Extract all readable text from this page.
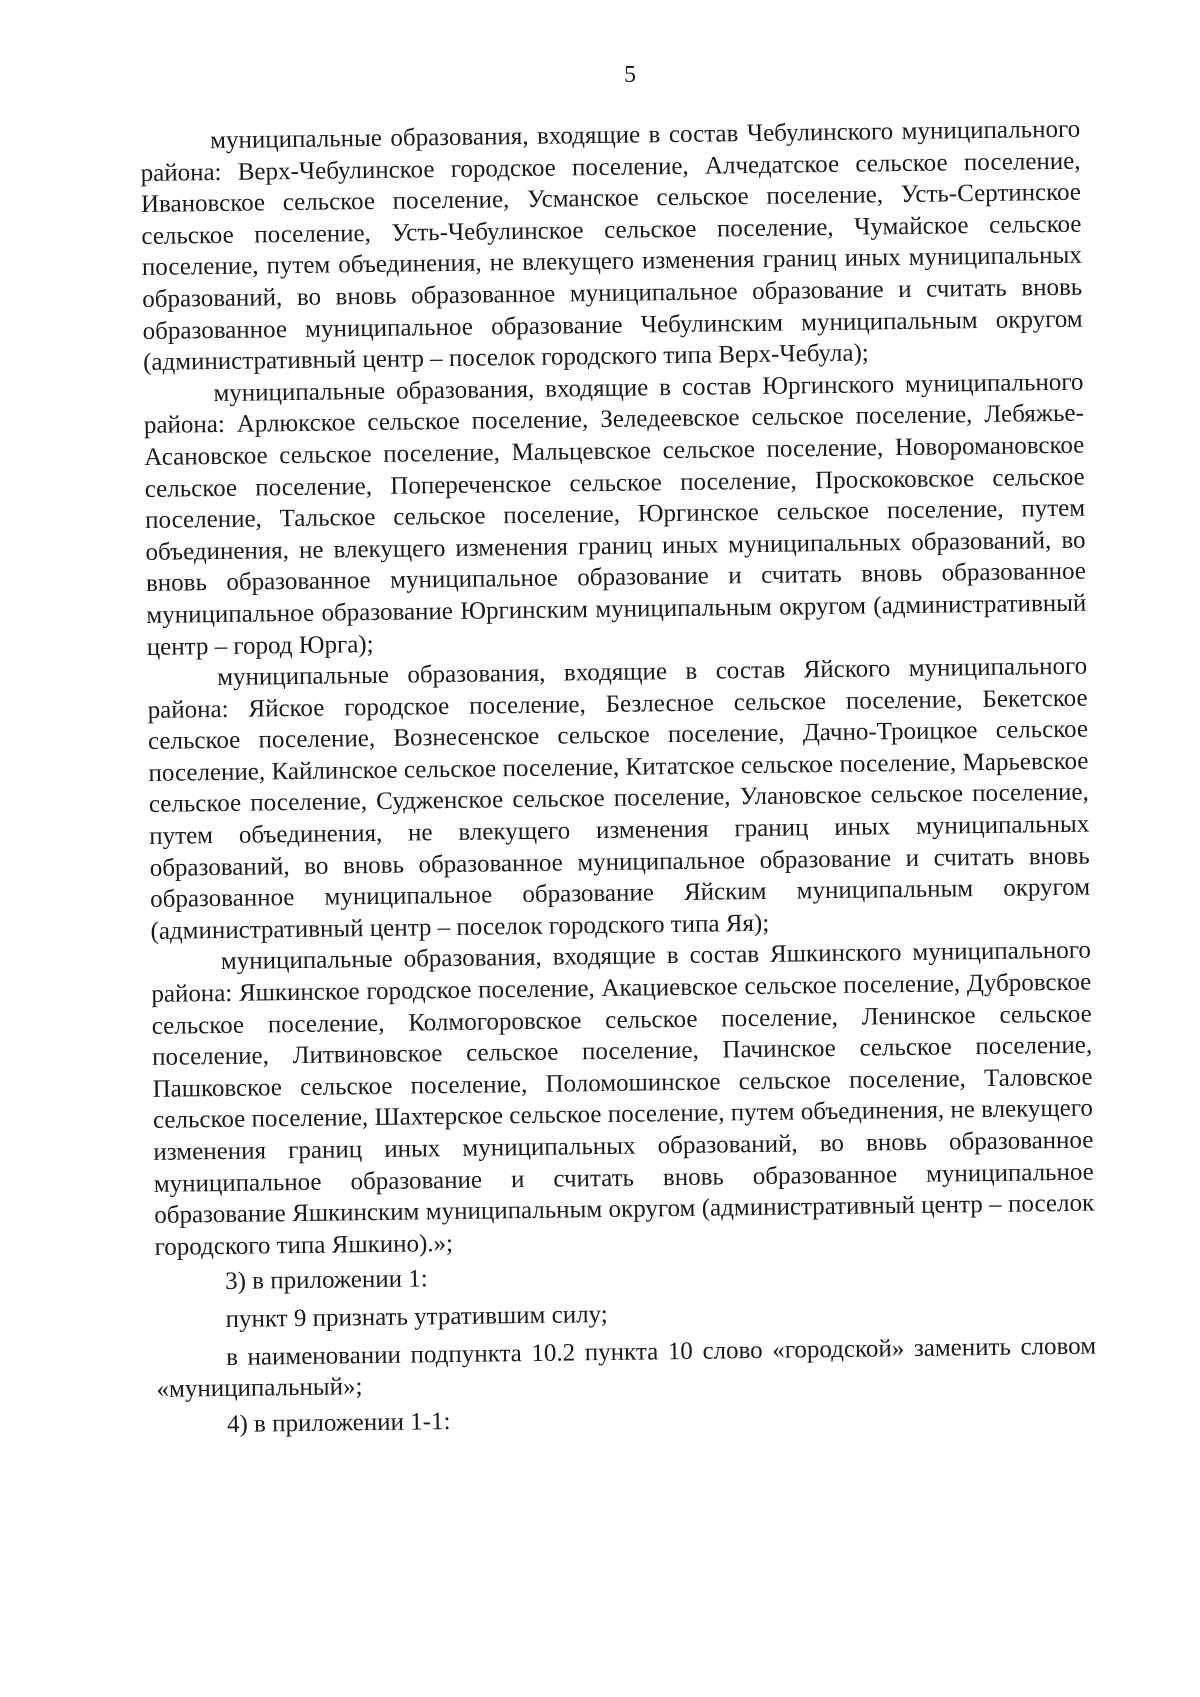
5

муниципальные образования, входящие в состав Чебулинского муниципального района: Верх-Чебулинское городское поселение, Алчедатское сельское поселение, Ивановское сельское поселение, Усманское сельское поселение, Усть-Сертинское сельское поселение, Усть-Чебулинское сельское поселение, Чумайское сельское поселение, путем объединения, не влекущего изменения границ иных муниципальных образований, во вновь образованное муниципальное образование и считать вновь образованное муниципальное образование Чебулинским муниципальным округом (административный центр – поселок городского типа Верх-Чебула);

муниципальные образования, входящие в состав Юргинского муниципального района: Арлюкское сельское поселение, Зеледеевское сельское поселение, Лебяжье-Асановское сельское поселение, Мальцевское сельское поселение, Новоромановское сельское поселение, Попереченское сельское поселение, Проскоковское сельское поселение, Тальское сельское поселение, Юргинское сельское поселение, путем объединения, не влекущего изменения границ иных муниципальных образований, во вновь образованное муниципальное образование и считать вновь образованное муниципальное образование Юргинским муниципальным округом (административный центр – город Юрга);

муниципальные образования, входящие в состав Яйского муниципального района: Яйское городское поселение, Безлесное сельское поселение, Бекетское сельское поселение, Вознесенское сельское поселение, Дачно-Троицкое сельское поселение, Кайлинское сельское поселение, Китатское сельское поселение, Марьевское сельское поселение, Судженское сельское поселение, Улановское сельское поселение, путем объединения, не влекущего изменения границ иных муниципальных образований, во вновь образованное муниципальное образование и считать вновь образованное муниципальное образование Яйским муниципальным округом (административный центр – поселок городского типа Яя);

муниципальные образования, входящие в состав Яшкинского муниципального района: Яшкинское городское поселение, Акациевское сельское поселение, Дубровское сельское поселение, Колмогоровское сельское поселение, Ленинское сельское поселение, Литвиновское сельское поселение, Пачинское сельское поселение, Пашковское сельское поселение, Поломошинское сельское поселение, Таловское сельское поселение, Шахтерское сельское поселение, путем объединения, не влекущего изменения границ иных муниципальных образований, во вновь образованное муниципальное образование и считать вновь образованное муниципальное образование Яшкинским муниципальным округом (административный центр – поселок городского типа Яшкино).»;

3) в приложении 1:

пункт 9 признать утратившим силу;

в наименовании подпункта 10.2 пункта 10 слово «городской» заменить словом «муниципальный»;

4) в приложении 1-1:
